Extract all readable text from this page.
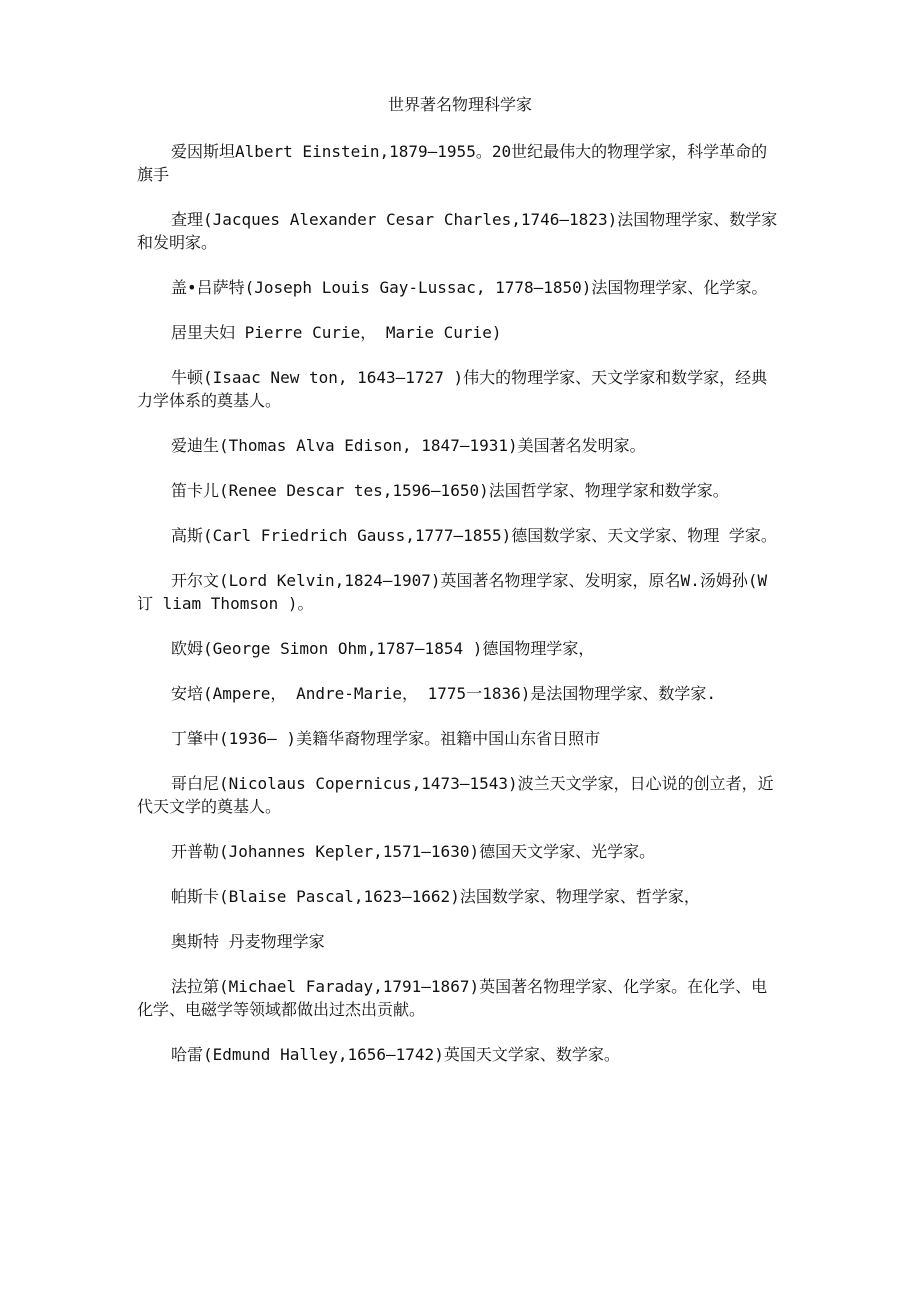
世界著名物理科学家

爱因斯坦Albert Einstein,1879—1955。20世纪最伟大的物理学家，科学革命的旗手

查理(Jacques Alexander Cesar Charles,1746—1823)法国物理学家、数学家和发明家。

盖•吕萨特(Joseph Louis Gay-Lussac, 1778—1850)法国物理学家、化学家。

居里夫妇 Pierre Curie， Marie Curie)

牛顿(Isaac New ton, 1643—1727 )伟大的物理学家、天文学家和数学家，经典力学体系的奠基人。

爱迪生(Thomas Alva Edison, 1847—1931)美国著名发明家。

笛卡儿(Renee Descar tes,1596—1650)法国哲学家、物理学家和数学家。

高斯(Carl Friedrich Gauss,1777—1855)德国数学家、天文学家、物理 学家。

开尔文(Lord Kelvin,1824—1907)英国著名物理学家、发明家，原名W.汤姆孙(W订 liam Thomson )。

欧姆(George Simon Ohm,1787—1854 )德国物理学家，

安培(Ampere， Andre-Marie， 1775一1836)是法国物理学家、数学家.

丁肇中(1936— )美籍华裔物理学家。祖籍中国山东省日照市

哥白尼(Nicolaus Copernicus,1473—1543)波兰天文学家，日心说的创立者，近代天文学的奠基人。

开普勒(Johannes Kepler,1571—1630)德国天文学家、光学家。

帕斯卡(Blaise Pascal,1623—1662)法国数学家、物理学家、哲学家，

奥斯特 丹麦物理学家

法拉第(Michael Faraday,1791—1867)英国著名物理学家、化学家。在化学、电化学、电磁学等领域都做出过杰出贡献。

哈雷(Edmund Halley,1656—1742)英国天文学家、数学家。
